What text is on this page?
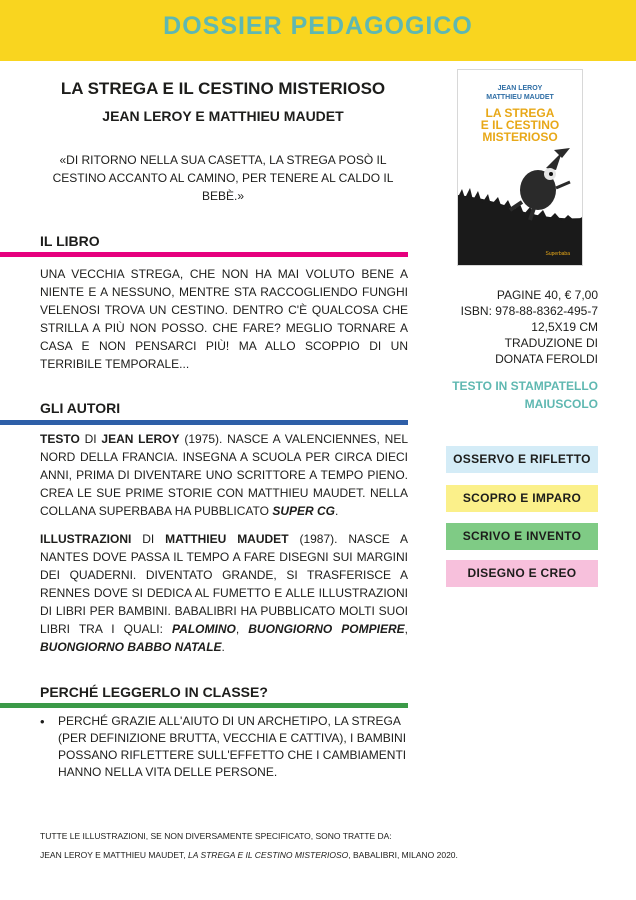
DOSSIER PEDAGOGICO
LA STREGA E IL CESTINO MISTERIOSO
JEAN LEROY E MATTHIEU MAUDET
«DI RITORNO NELLA SUA CASETTA, LA STREGA POSÒ IL CESTINO ACCANTO AL CAMINO, PER TENERE AL CALDO IL BEBÈ.»
IL LIBRO
UNA VECCHIA STREGA, CHE NON HA MAI VOLUTO BENE A NIENTE E A NESSUNO, MENTRE STA RACCOGLIENDO FUNGHI VELENOSI TROVA UN CESTINO. DENTRO C'È QUALCOSA CHE STRILLA A PIÙ NON POSSO. CHE FARE? MEGLIO TORNARE A CASA E NON PENSARCI PIÙ! MA ALLO SCOPPIO DI UN TERRIBILE TEMPORALE...
GLI AUTORI
TESTO DI JEAN LEROY (1975). NASCE A VALENCIENNES, NEL NORD DELLA FRANCIA. INSEGNA A SCUOLA PER CIRCA DIECI ANNI, PRIMA DI DIVENTARE UNO SCRITTORE A TEMPO PIENO. CREA LE SUE PRIME STORIE CON MATTHIEU MAUDET. NELLA COLLANA SUPERBABA HA PUBBLICATO SUPER CG.
ILLUSTRAZIONI DI MATTHIEU MAUDET (1987). NASCE A NANTES DOVE PASSA IL TEMPO A FARE DISEGNI SUI MARGINI DEI QUADERNI. DIVENTATO GRANDE, SI TRASFERISCE A RENNES DOVE SI DEDICA AL FUMETTO E ALLE ILLUSTRAZIONI DI LIBRI PER BAMBINI. BABALIBRI HA PUBBLICATO MOLTI SUOI LIBRI TRA I QUALI: PALOMINO, BUONGIORNO POMPIERE, BUONGIORNO BABBO NATALE.
PERCHÉ LEGGERLO IN CLASSE?
• PERCHÉ GRAZIE ALL'AIUTO DI UN ARCHETIPO, LA STREGA (PER DEFINIZIONE BRUTTA, VECCHIA E CATTIVA), I BAMBINI POSSANO RIFLETTERE SULL'EFFETTO CHE I CAMBIAMENTI HANNO NELLA VITA DELLE PERSONE.
TUTTE LE ILLUSTRAZIONI, SE NON DIVERSAMENTE SPECIFICATO, SONO TRATTE DA:
JEAN LEROY E MATTHIEU MAUDET, LA STREGA E IL CESTINO MISTERIOSO, BABALIBRI, MILANO 2020.
JEAN LEROY
MATTHIEU MAUDET
LA STREGA
E IL CESTINO
MISTERIOSO
Superbaba
PAGINE 40, € 7,00
ISBN: 978-88-8362-495-7
12,5X19 CM
TRADUZIONE DI
DONATA FEROLDI
TESTO IN STAMPATELLO
MAIUSCOLO
OSSERVO E RIFLETTO
SCOPRO E IMPARO
SCRIVO E INVENTO
DISEGNO E CREO
